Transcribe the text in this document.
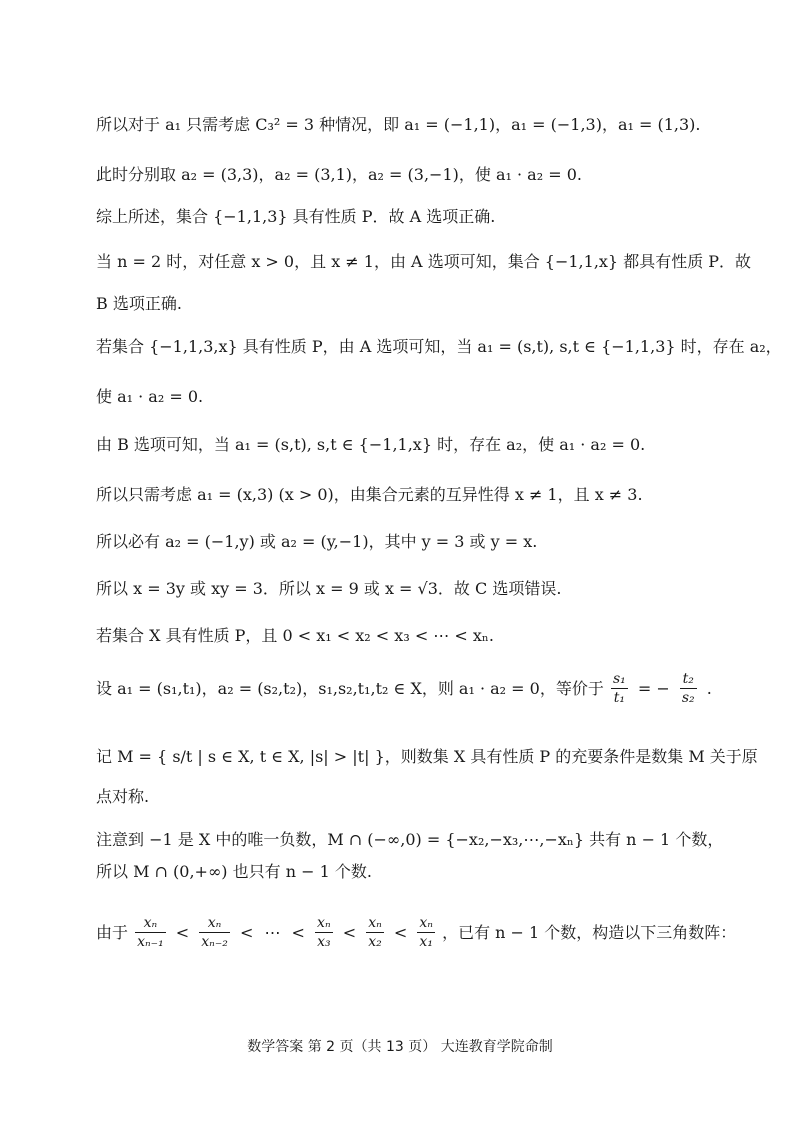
所以对于 a₁ 只需考虑 C₃² = 3 种情况，即 a₁ = (−1,1)，a₁ = (−1,3)，a₁ = (1,3).
此时分别取 a₂ = (3,3)，a₂ = (3,1)，a₂ = (3,−1)，使 a₁ · a₂ = 0.
综上所述，集合 {−1,1,3} 具有性质 P．故 A 选项正确.
当 n = 2 时，对任意 x > 0，且 x ≠ 1，由 A 选项可知，集合 {−1,1,x} 都具有性质 P．故
B 选项正确.
若集合 {−1,1,3,x} 具有性质 P，由 A 选项可知，当 a₁ = (s,t), s,t ∈ {−1,1,3} 时，存在 a₂，
使 a₁ · a₂ = 0.
由 B 选项可知，当 a₁ = (s,t), s,t ∈ {−1,1,x} 时，存在 a₂，使 a₁ · a₂ = 0.
所以只需考虑 a₁ = (x,3) (x > 0)，由集合元素的互异性得 x ≠ 1，且 x ≠ 3.
所以必有 a₂ = (−1,y) 或 a₂ = (y,−1)，其中 y = 3 或 y = x.
所以 x = 3y 或 xy = 3．所以 x = 9 或 x = √3．故 C 选项错误.
若集合 X 具有性质 P，且 0 < x₁ < x₂ < x₃ < ⋯ < xₙ.
设 a₁ = (s₁,t₁)，a₂ = (s₂,t₂)，s₁,s₂,t₁,t₂ ∈ X，则 a₁ · a₂ = 0，等价于 $\frac{\text{s₁}}{\text{t₁}}$ = − $\frac{\text{t₂}}{\text{s₂}}$ .
记 M = { s/t | s ∈ X, t ∈ X, |s| > |t| }，则数集 X 具有性质 P 的充要条件是数集 M 关于原
点对称.
注意到 −1 是 X 中的唯一负数，M ∩ (−∞,0) = {−x₂,−x₃,⋯,−xₙ} 共有 n − 1 个数，
所以 M ∩ (0,+∞) 也只有 n − 1 个数.
由于 $\frac{\text{xₙ}}{\text{xₙ₋₁}} < \frac{\text{xₙ}}{\text{xₙ₋₂}}$ < ⋯ < $\frac{\text{xₙ}}{\text{x₃}} < \frac{\text{xₙ}}{\text{x₂}} < \frac{\text{xₙ}}{\text{x₁}}$ ，已有 n − 1 个数，构造以下三角数阵：
数学答案 第 2 页（共 13 页） 大连教育学院命制
